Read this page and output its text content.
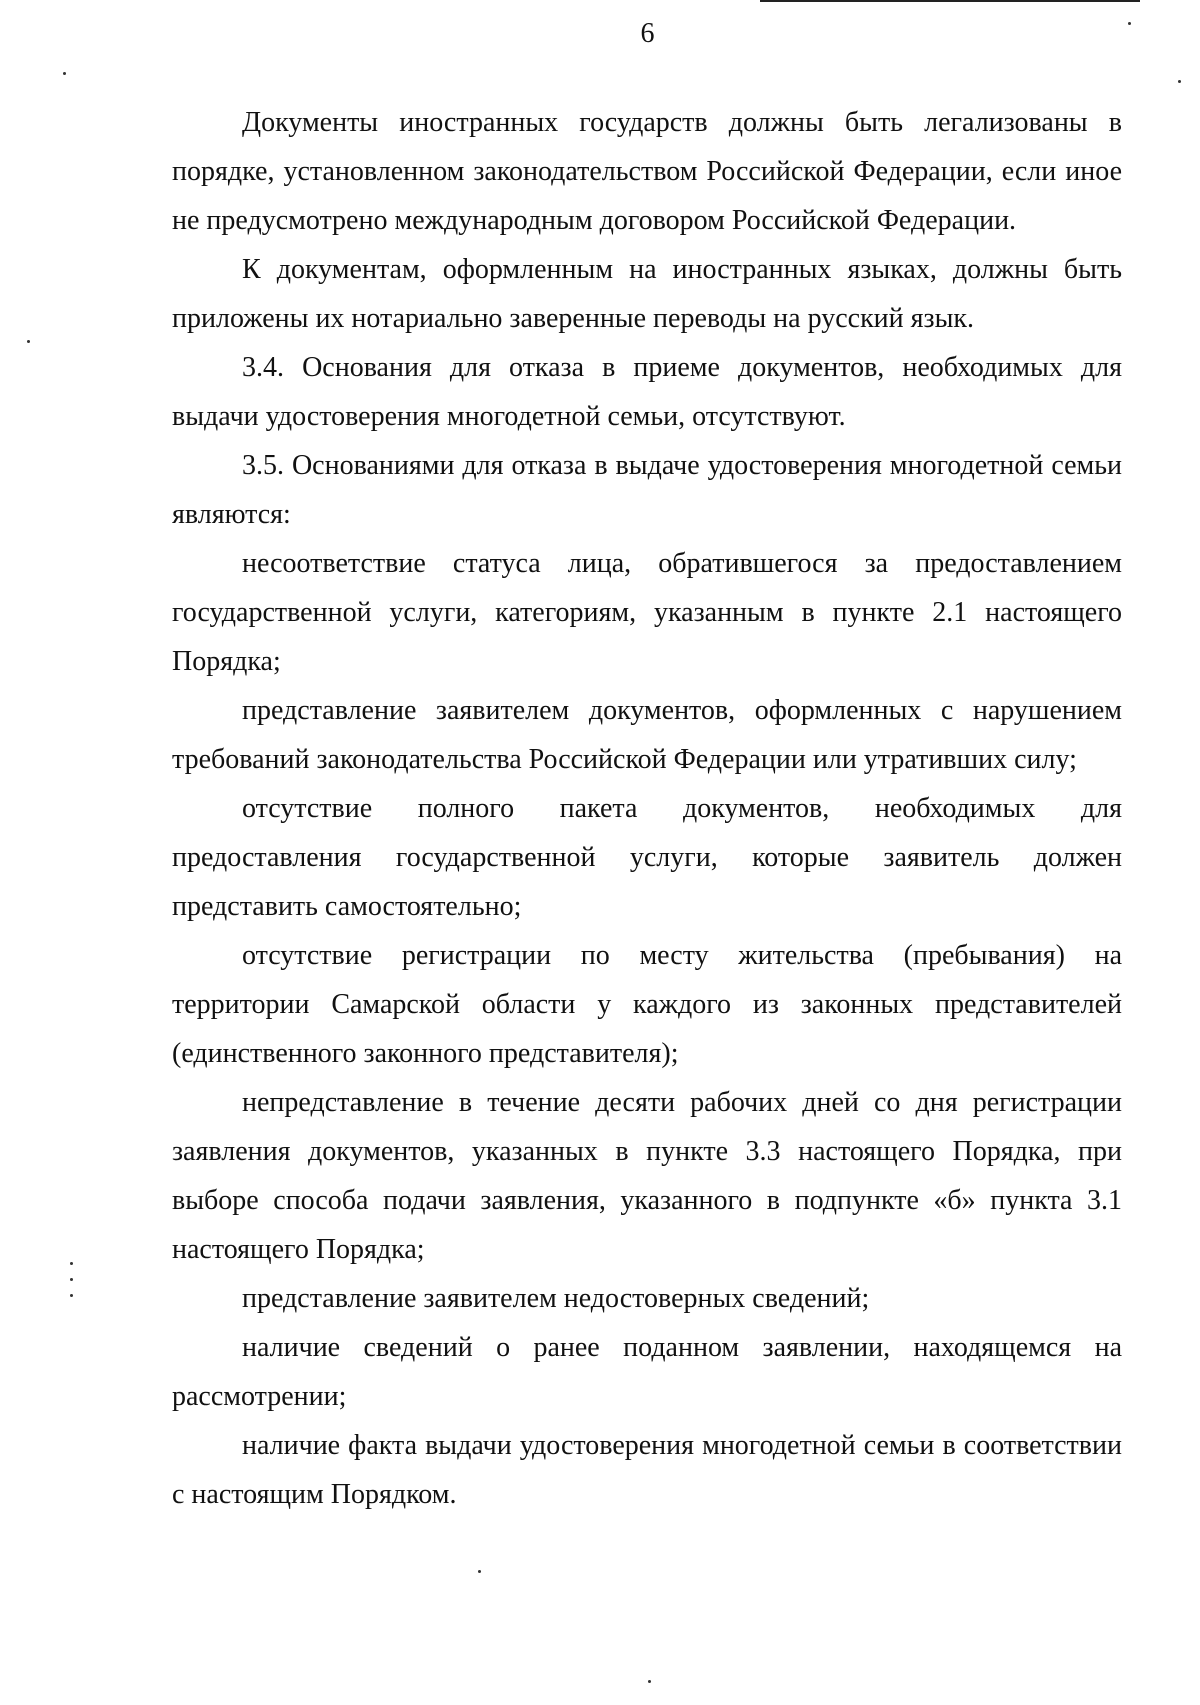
6

Документы иностранных государств должны быть легализованы в порядке, установленном законодательством Российской Федерации, если иное не предусмотрено международным договором Российской Федерации.

К документам, оформленным на иностранных языках, должны быть приложены их нотариально заверенные переводы на русский язык.

3.4. Основания для отказа в приеме документов, необходимых для выдачи удостоверения многодетной семьи, отсутствуют.

3.5. Основаниями для отказа в выдаче удостоверения многодетной семьи являются:

несоответствие статуса лица, обратившегося за предоставлением государственной услуги, категориям, указанным в пункте 2.1 настоящего Порядка;

представление заявителем документов, оформленных с нарушением требований законодательства Российской Федерации или утративших силу;

отсутствие полного пакета документов, необходимых для предоставления государственной услуги, которые заявитель должен представить самостоятельно;

отсутствие регистрации по месту жительства (пребывания) на территории Самарской области у каждого из законных представителей (единственного законного представителя);

непредставление в течение десяти рабочих дней со дня регистрации заявления документов, указанных в пункте 3.3 настоящего Порядка, при выборе способа подачи заявления, указанного в подпункте «б» пункта 3.1 настоящего Порядка;

представление заявителем недостоверных сведений;

наличие сведений о ранее поданном заявлении, находящемся на рассмотрении;

наличие факта выдачи удостоверения многодетной семьи в соответствии с настоящим Порядком.
